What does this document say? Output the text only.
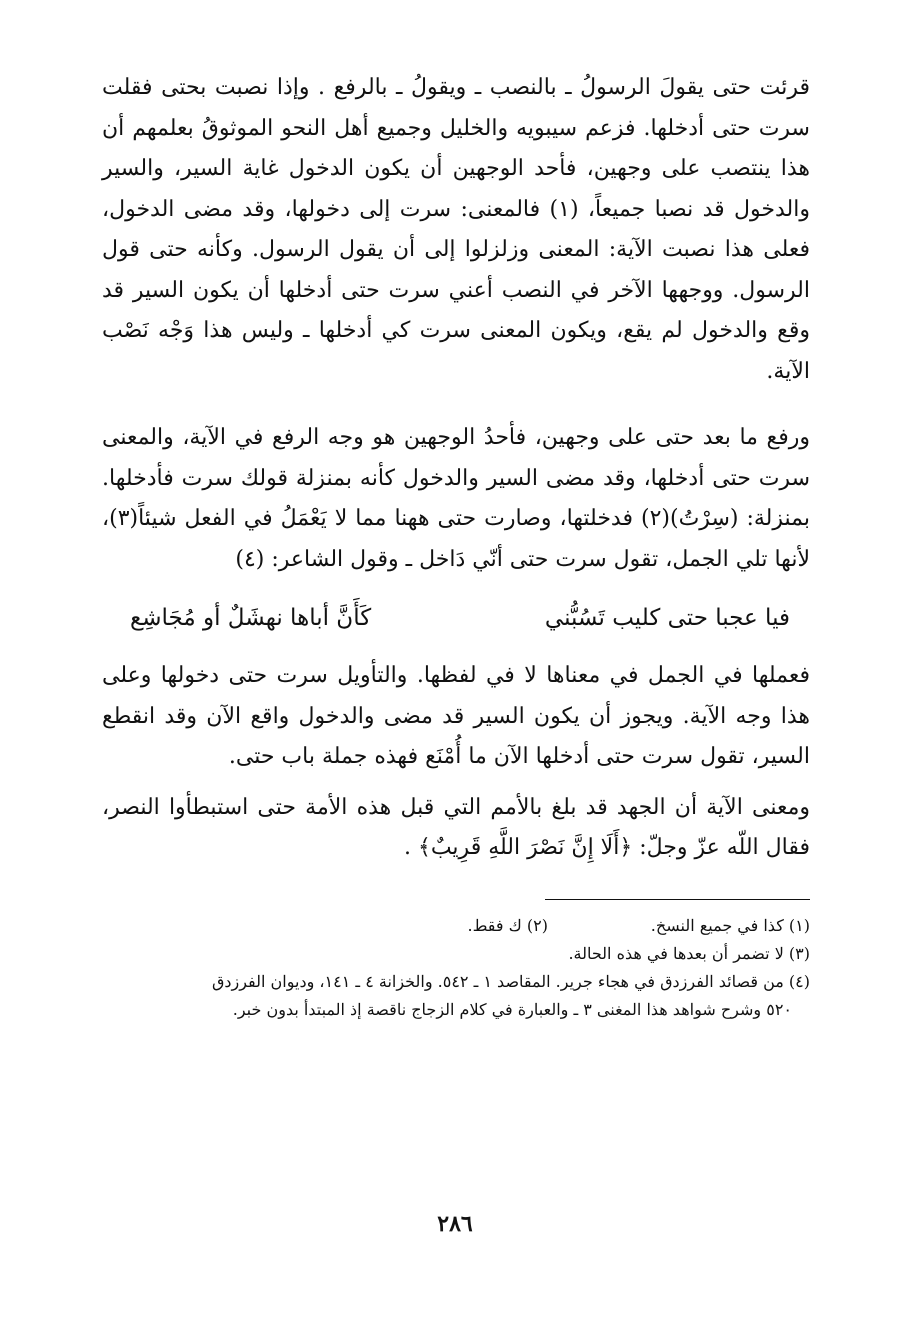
قرئت حتى يقولَ الرسولُ ـ بالنصب ـ ويقولُ ـ بالرفع . وإذا نصبت بحتى فقلت سرت حتى أدخلها. فزعم سيبويه والخليل وجميع أهل النحو الموثوقُ بعلمهم أن هذا ينتصب على وجهين، فأحد الوجهين أن يكون الدخول غاية السير، والسير والدخول قد نصبا جميعاً، (١) فالمعنى: سرت إلى دخولها، وقد مضى الدخول، فعلى هذا نصبت الآية: المعنى وزلزلوا إلى أن يقول الرسول. وكأنه حتى قول الرسول. ووجهها الآخر في النصب أعني سرت حتى أدخلها أن يكون السير قد وقع والدخول لم يقع، ويكون المعنى سرت كي أدخلها ـ وليس هذا وَجْه نَصْب الآية.

ورفع ما بعد حتى على وجهين، فأحدُ الوجهين هو وجه الرفع في الآية، والمعنى سرت حتى أدخلها، وقد مضى السير والدخول كأنه بمنزلة قولك سرت فأدخلها. بمنزلة: (سِرْتُ)(٢) فدخلتها، وصارت حتى ههنا مما لا يَعْمَلُ في الفعل شيئاً(٣)، لأنها تلي الجمل، تقول سرت حتى أنّي دَاخل ـ وقول الشاعر: (٤)

فيا عجبا حتى كليب تَسُبُّني
كَأَنَّ أباها نهشَلٌ أو مُجَاشِع

فعملها في الجمل في معناها لا في لفظها. والتأويل سرت حتى دخولها وعلى هذا وجه الآية. ويجوز أن يكون السير قد مضى والدخول واقع الآن وقد انقطع السير، تقول سرت حتى أدخلها الآن ما أُمْنَع فهذه جملة باب حتى.

ومعنى الآية أن الجهد قد بلغ بالأمم التي قبل هذه الأمة حتى استبطأوا النصر، فقال اللّه عزّ وجلّ: ﴿أَلَا إِنَّ نَصْرَ اللَّهِ قَرِيبٌ﴾ .

(١) كذا في جميع النسخ.
(٢) ك فقط.
(٣) لا تضمر أن بعدها في هذه الحالة.
(٤) من قصائد الفرزدق في هجاء جرير. المقاصد ١ ـ ٥٤٢. والخزانة ٤ ـ ١٤١، وديوان الفرزدق
٥٢٠ وشرح شواهد هذا المغنى ٣ ـ والعبارة في كلام الزجاج ناقصة إذ المبتدأ بدون خبر.
٢٨٦
